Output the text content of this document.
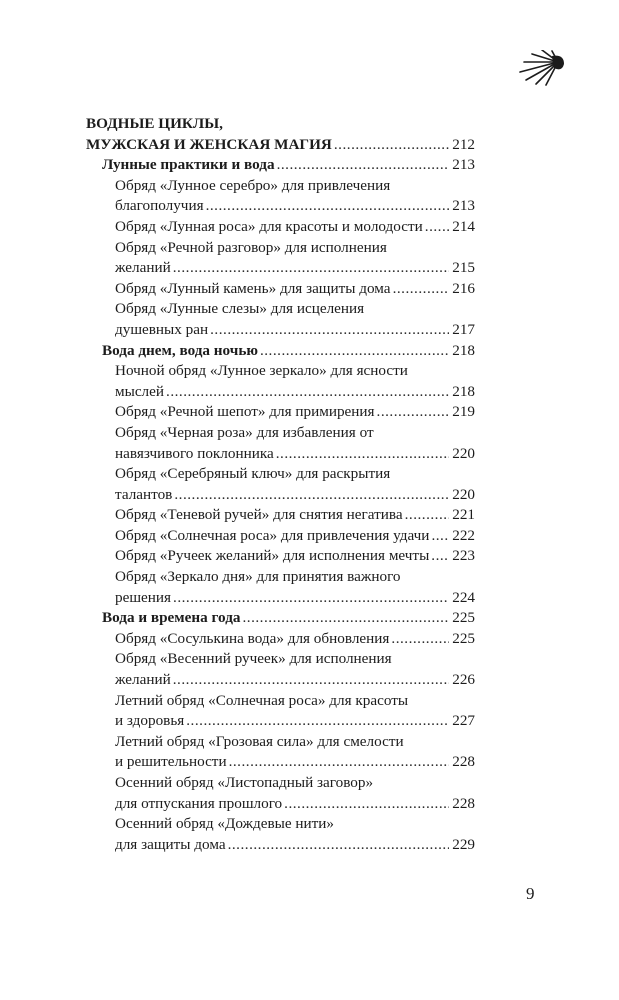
ВОДНЫЕ ЦИКЛЫ,
МУЖСКАЯ И ЖЕНСКАЯ МАГИЯ .....	212
Лунные практики и вода .....	213
Обряд «Лунное серебро» для привлечения
благополучия .....	213
Обряд «Лунная роса» для красоты и молодости ..... 214
Обряд «Речной разговор» для исполнения
желаний .....	215
Обряд «Лунный камень» для защиты дома .....	216
Обряд «Лунные слезы» для исцеления
душевных ран .....	217
Вода днем, вода ночью .....	218
Ночной обряд «Лунное зеркало» для ясности
мыслей .....	218
Обряд «Речной шепот» для примирения .....	219
Обряд «Черная роза» для избавления от
навязчивого поклонника .....	220
Обряд «Серебряный ключ» для раскрытия
талантов .....	220
Обряд «Теневой ручей» для снятия негатива .....	221
Обряд «Солнечная роса» для привлечения удачи ..... 222
Обряд «Ручеек желаний» для исполнения мечты ..... 223
Обряд «Зеркало дня» для принятия важного
решения .....	224
Вода и времена года .....	225
Обряд «Сосулькина вода» для обновления .....	225
Обряд «Весенний ручеек» для исполнения
желаний .....	226
Летний обряд «Солнечная роса» для красоты
и здоровья .....	227
Летний обряд «Грозовая сила» для смелости
и решительности .....	228
Осенний обряд «Листопадный заговор»
для отпускания прошлого .....	228
Осенний обряд «Дождевые нити»
для защиты дома .....	229
9
